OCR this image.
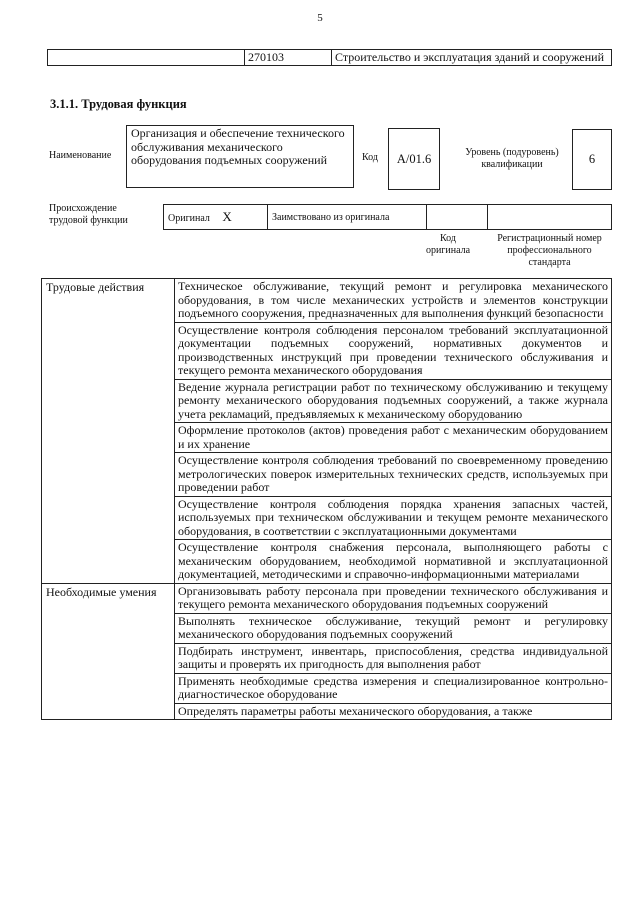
5
	270103	Строительство и эксплуатация зданий и сооружений
3.1.1. Трудовая функция
Наименование
Организация и обеспечение технического обслуживания механического оборудования подъемных сооружений	Код	А/01.6	Уровень (подуровень) квалификации	6
Происхождение трудовой функции	Оригинал X	Заимствовано из оригинала		
Код оригинала
Регистрационный номер профессионального стандарта
Трудовые действия	Техническое обслуживание, текущий ремонт и регулировка механического оборудования, в том числе механических устройств и элементов конструкции подъемного сооружения, предназначенных для выполнения функций безопасности
	Осуществление контроля соблюдения персоналом требований эксплуатационной документации подъемных сооружений, нормативных документов и производственных инструкций при проведении технического обслуживания и текущего ремонта механического оборудования
	Ведение журнала регистрации работ по техническому обслуживанию и текущему ремонту механического оборудования подъемных сооружений, а также журнала учета рекламаций, предъявляемых к механическому оборудованию
	Оформление протоколов (актов) проведения работ с механическим оборудованием и их хранение
	Осуществление контроля соблюдения требований по своевременному проведению метрологических поверок измерительных технических средств, используемых при проведении работ
	Осуществление контроля соблюдения порядка хранения запасных частей, используемых при техническом обслуживании и текущем ремонте механического оборудования, в соответствии с эксплуатационными документами
	Осуществление контроля снабжения персонала, выполняющего работы с механическим оборудованием, необходимой нормативной и эксплуатационной документацией, методическими и справочно-информационными материалами
Необходимые умения	Организовывать работу персонала при проведении технического обслуживания и текущего ремонта механического оборудования подъемных сооружений
	Выполнять техническое обслуживание, текущий ремонт и регулировку механического оборудования подъемных сооружений
	Подбирать инструмент, инвентарь, приспособления, средства индивидуальной защиты и проверять их пригодность для выполнения работ
	Применять необходимые средства измерения и специализированное контрольно-диагностическое оборудование
	Определять параметры работы механического оборудования, а также
